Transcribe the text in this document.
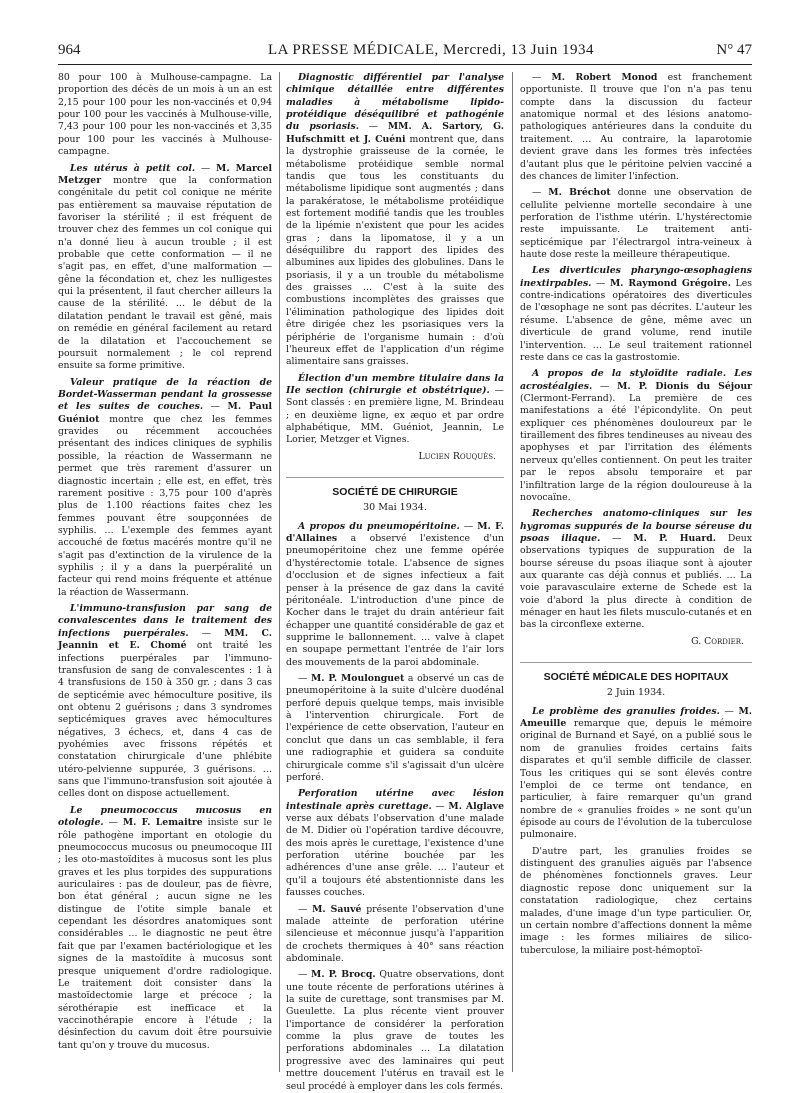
964	LA PRESSE MÉDICALE, Mercredi, 13 Juin 1934	N° 47

80 pour 100 à Mulhouse-campagne. La proportion des décès de un mois à un an est 2,15 pour 100 pour les non-vaccinés et 0,94 pour 100 pour les vaccinés à Mulhouse-ville, 7,43 pour 100 pour les non-vaccinés et 3,35 pour 100 pour les vaccinés à Mulhouse-campagne.

Les utérus à petit col. — M. Marcel Metzger montre que la conformation congénitale du petit col conique ne mérite pas entièrement sa mauvaise réputation de favoriser la stérilité ; il est fréquent de trouver chez des femmes un col conique qui n'a donné lieu à aucun trouble ; il est probable que cette conformation — il ne s'agit pas, en effet, d'une malformation — gêne la fécondation et, chez les nulligestes qui la présentent, il faut chercher ailleurs la cause de la stérilité. … le début de la dilatation pendant le travail est gêné, mais on remédie en général facilement au retard de la dilatation et l'accouchement se poursuit normalement ; le col reprend ensuite sa forme primitive.

Valeur pratique de la réaction de Bordet-Wasserman pendant la grossesse et les suites de couches. — M. Paul Guéniot montre que chez les femmes gravides ou récemment accouchées présentant des indices cliniques de syphilis possible, la réaction de Wassermann ne permet que très rarement d'assurer un diagnostic incertain ; elle est, en effet, très rarement positive : 3,75 pour 100 d'après plus de 1.100 réactions faites chez les femmes pouvant être soupçonnées de syphilis. … L'exemple des femmes ayant accouché de fœtus macérés montre qu'il ne s'agit pas d'extinction de la virulence de la syphilis ; il y a dans la puerpéralité un facteur qui rend moins fréquente et atténue la réaction de Wassermann.

L'immuno-transfusion par sang de convalescentes dans le traitement des infections puerpérales. — MM. C. Jeannin et E. Chomé ont traité les infections puerpérales par l'immuno-transfusion de sang de convalescentes : 1 à 4 transfusions de 150 à 350 gr. ; dans 3 cas de septicémie avec hémoculture positive, ils ont obtenu 2 guérisons ; dans 3 syndromes septicémiques graves avec hémocultures négatives, 3 échecs, et, dans 4 cas de pyohémies avec frissons répétés et constatation chirurgicale d'une phlébite utéro-pelvienne suppurée, 3 guérisons. … sans que l'immuno-transfusion soit ajoutée à celles dont on dispose actuellement.

Le pneumococcus mucosus en otologie. — M. F. Lemaitre insiste sur le rôle pathogène important en otologie du pneumococcus mucosus ou pneumocoque III ; les oto-mastoïdites à mucosus sont les plus graves et les plus torpides des suppurations auriculaires : pas de douleur, pas de fièvre, bon état général ; aucun signe ne les distingue de l'otite simple banale et cependant les désordres anatomiques sont considérables … le diagnostic ne peut être fait que par l'examen bactériologique et les signes de la mastoïdite à mucosus sont presque uniquement d'ordre radiologique. Le traitement doit consister dans la mastoïdectomie large et précoce ; la sérothérapie est inefficace et la vaccinothérapie encore à l'étude ; la désinfection du cavum doit être poursuivie tant qu'on y trouve du mucosus.

Diagnostic différentiel par l'analyse chimique détaillée entre différentes maladies à métabolisme lipido-protéidique déséquilibré et pathogénie du psoriasis. — MM. A. Sartory, G. Hufschmitt et J. Cuéni montrent que, dans la dystrophie graisseuse de la cornée, le métabolisme protéidique semble normal tandis que tous les constituants du métabolisme lipidique sont augmentés ; dans la parakératose, le métabolisme protéidique est fortement modifié tandis que les troubles de la lipémie n'existent que pour les acides gras ; dans la lipomatose, il y a un déséquilibre du rapport des lipides des albumines aux lipides des globulines. Dans le psoriasis, il y a un trouble du métabolisme des graisses … C'est à la suite des combustions incomplètes des graisses que l'élimination pathologique des lipides doit être dirigée chez les psoriasiques vers la périphérie de l'organisme humain : d'où l'heureux effet de l'application d'un régime alimentaire sans graisses.

Élection d'un membre titulaire dans la IIe section (chirurgie et obstétrique). — Sont classés : en première ligne, M. Brindeau ; en deuxième ligne, ex æquo et par ordre alphabétique, MM. Guéniot, Jeannin, Le Lorier, Metzger et Vignes.

Lucien Rouquès.
SOCIÉTÉ DE CHIRURGIE
30 Mai 1934.

A propos du pneumopéritoine. — M. F. d'Allaines a observé l'existence d'un pneumopéritoine chez une femme opérée d'hystérectomie totale. L'absence de signes d'occlusion et de signes infectieux a fait penser à la présence de gaz dans la cavité péritonéale. L'introduction d'une pince de Kocher dans le trajet du drain antérieur fait échapper une quantité considérable de gaz et supprime le ballonnement. … valve à clapet en soupape permettant l'entrée de l'air lors des mouvements de la paroi abdominale.

— M. P. Moulonguet a observé un cas de pneumopéritoine à la suite d'ulcère duodénal perforé depuis quelque temps, mais invisible à l'intervention chirurgicale. Fort de l'expérience de cette observation, l'auteur en conclut que dans un cas semblable, il fera une radiographie et guidera sa conduite chirurgicale comme s'il s'agissait d'un ulcère perforé.

Perforation utérine avec lésion intestinale après curettage. — M. Alglave verse aux débats l'observation d'une malade de M. Didier où l'opération tardive découvre, des mois après le curettage, l'existence d'une perforation utérine bouchée par les adhérences d'une anse grêle. … l'auteur et qu'il a toujours été abstentionniste dans les fausses couches.

— M. Sauvé présente l'observation d'une malade atteinte de perforation utérine silencieuse et méconnue jusqu'à l'apparition de crochets thermiques à 40° sans réaction abdominale.

— M. P. Brocq. Quatre observations, dont une toute récente de perforations utérines à la suite de curettage, sont transmises par M. Gueulette. La plus récente vient prouver l'importance de considérer la perforation comme la plus grave de toutes les perforations abdominales … La dilatation progressive avec des laminaires qui peut mettre doucement l'utérus en travail est le seul procédé à employer dans les cols fermés.

— M. Robert Monod est franchement opportuniste. Il trouve que l'on n'a pas tenu compte dans la discussion du facteur anatomique normal et des lésions anatomo-pathologiques antérieures dans la conduite du traitement. … Au contraire, la laparotomie devient grave dans les formes très infectées d'autant plus que le péritoine pelvien vacciné a des chances de limiter l'infection.

— M. Bréchot donne une observation de cellulite pelvienne mortelle secondaire à une perforation de l'isthme utérin. L'hystérectomie reste impuissante. Le traitement anti-septicémique par l'électrargol intra-veineux à haute dose reste la meilleure thérapeutique.

Les diverticules pharyngo-œsophagiens inextirpables. — M. Raymond Grégoire. Les contre-indications opératoires des diverticules de l'œsophage ne sont pas décrites. L'auteur les résume. L'absence de gêne, même avec un diverticule de grand volume, rend inutile l'intervention. … Le seul traitement rationnel reste dans ce cas la gastrostomie.

A propos de la styloïdite radiale. Les acrostéalgies. — M. P. Dionis du Séjour (Clermont-Ferrand). La première de ces manifestations a été l'épicondylite. On peut expliquer ces phénomènes douloureux par le tiraillement des fibres tendineuses au niveau des apophyses et par l'irritation des éléments nerveux qu'elles contiennent. On peut les traiter par le repos absolu temporaire et par l'infiltration large de la région douloureuse à la novocaïne.

Recherches anatomo-cliniques sur les hygromas suppurés de la bourse séreuse du psoas iliaque. — M. P. Huard. Deux observations typiques de suppuration de la bourse séreuse du psoas iliaque sont à ajouter aux quarante cas déjà connus et publiés. … La voie paravasculaire externe de Schede est la voie d'abord la plus directe à condition de ménager en haut les filets musculo-cutanés et en bas la circonflexe externe.

G. Cordier.
SOCIÉTÉ MÉDICALE DES HOPITAUX
2 Juin 1934.

Le problème des granulies froides. — M. Ameuille remarque que, depuis le mémoire original de Burnand et Sayé, on a publié sous le nom de granulies froides certains faits disparates et qu'il semble difficile de classer. Tous les critiques qui se sont élevés contre l'emploi de ce terme ont tendance, en particulier, à faire remarquer qu'un grand nombre de « granulies froides » ne sont qu'un épisode au cours de l'évolution de la tuberculose pulmonaire.

D'autre part, les granulies froides se distinguent des granulies aiguës par l'absence de phénomènes fonctionnels graves. Leur diagnostic repose donc uniquement sur la constatation radiologique, chez certains malades, d'une image d'un type particulier. Or, un certain nombre d'affections donnent la même image : les formes miliaires de silico-tuberculose, la miliaire post-hémoptoï-
